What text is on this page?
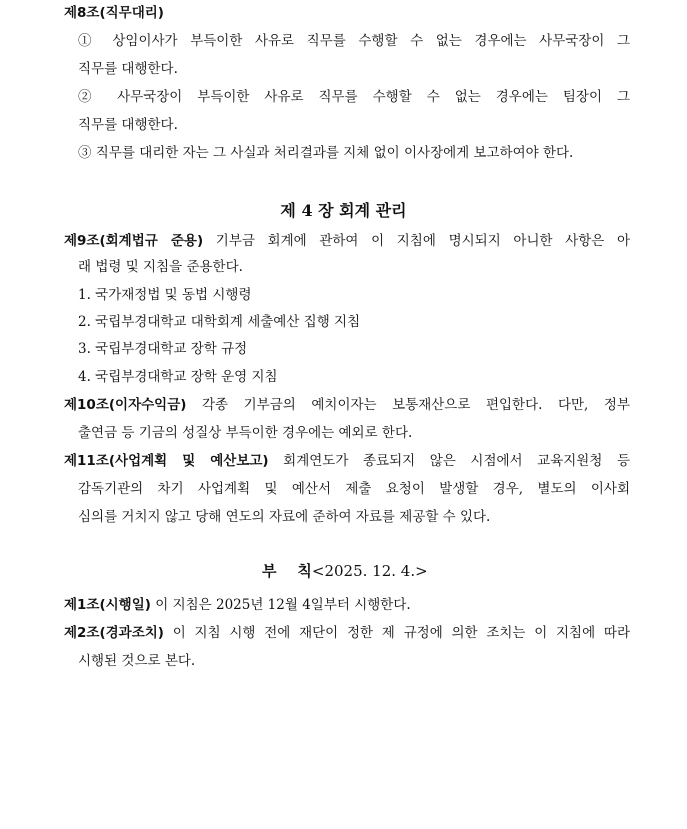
제8조(직무대리)
① 상임이사가 부득이한 사유로 직무를 수행할 수 없는 경우에는 사무국장이 그
직무를 대행한다.
② 사무국장이 부득이한 사유로 직무를 수행할 수 없는 경우에는 팀장이 그
직무를 대행한다.
③ 직무를 대리한 자는 그 사실과 처리결과를 지체 없이 이사장에게 보고하여야 한다.
제 4 장 회계 관리
제9조(회계법규 준용) 기부금 회계에 관하여 이 지침에 명시되지 아니한 사항은 아
래 법령 및 지침을 준용한다.
1. 국가재정법 및 동법 시행령
2. 국립부경대학교 대학회계 세출예산 집행 지침
3. 국립부경대학교 장학 규정
4. 국립부경대학교 장학 운영 지침
제10조(이자수익금) 각종 기부금의 예치이자는 보통재산으로 편입한다. 다만, 정부
출연금 등 기금의 성질상 부득이한 경우에는 예외로 한다.
제11조(사업계획 및 예산보고) 회계연도가 종료되지 않은 시점에서 교육지원청 등
감독기관의 차기 사업계획 및 예산서 제출 요청이 발생할 경우, 별도의 이사회
심의를 거치지 않고 당해 연도의 자료에 준하여 자료를 제공할 수 있다.
부    칙<2025. 12. 4.>
제1조(시행일) 이 지침은 2025년 12월 4일부터 시행한다.
제2조(경과조치) 이 지침 시행 전에 재단이 정한 제 규정에 의한 조치는 이 지침에 따라
시행된 것으로 본다.
